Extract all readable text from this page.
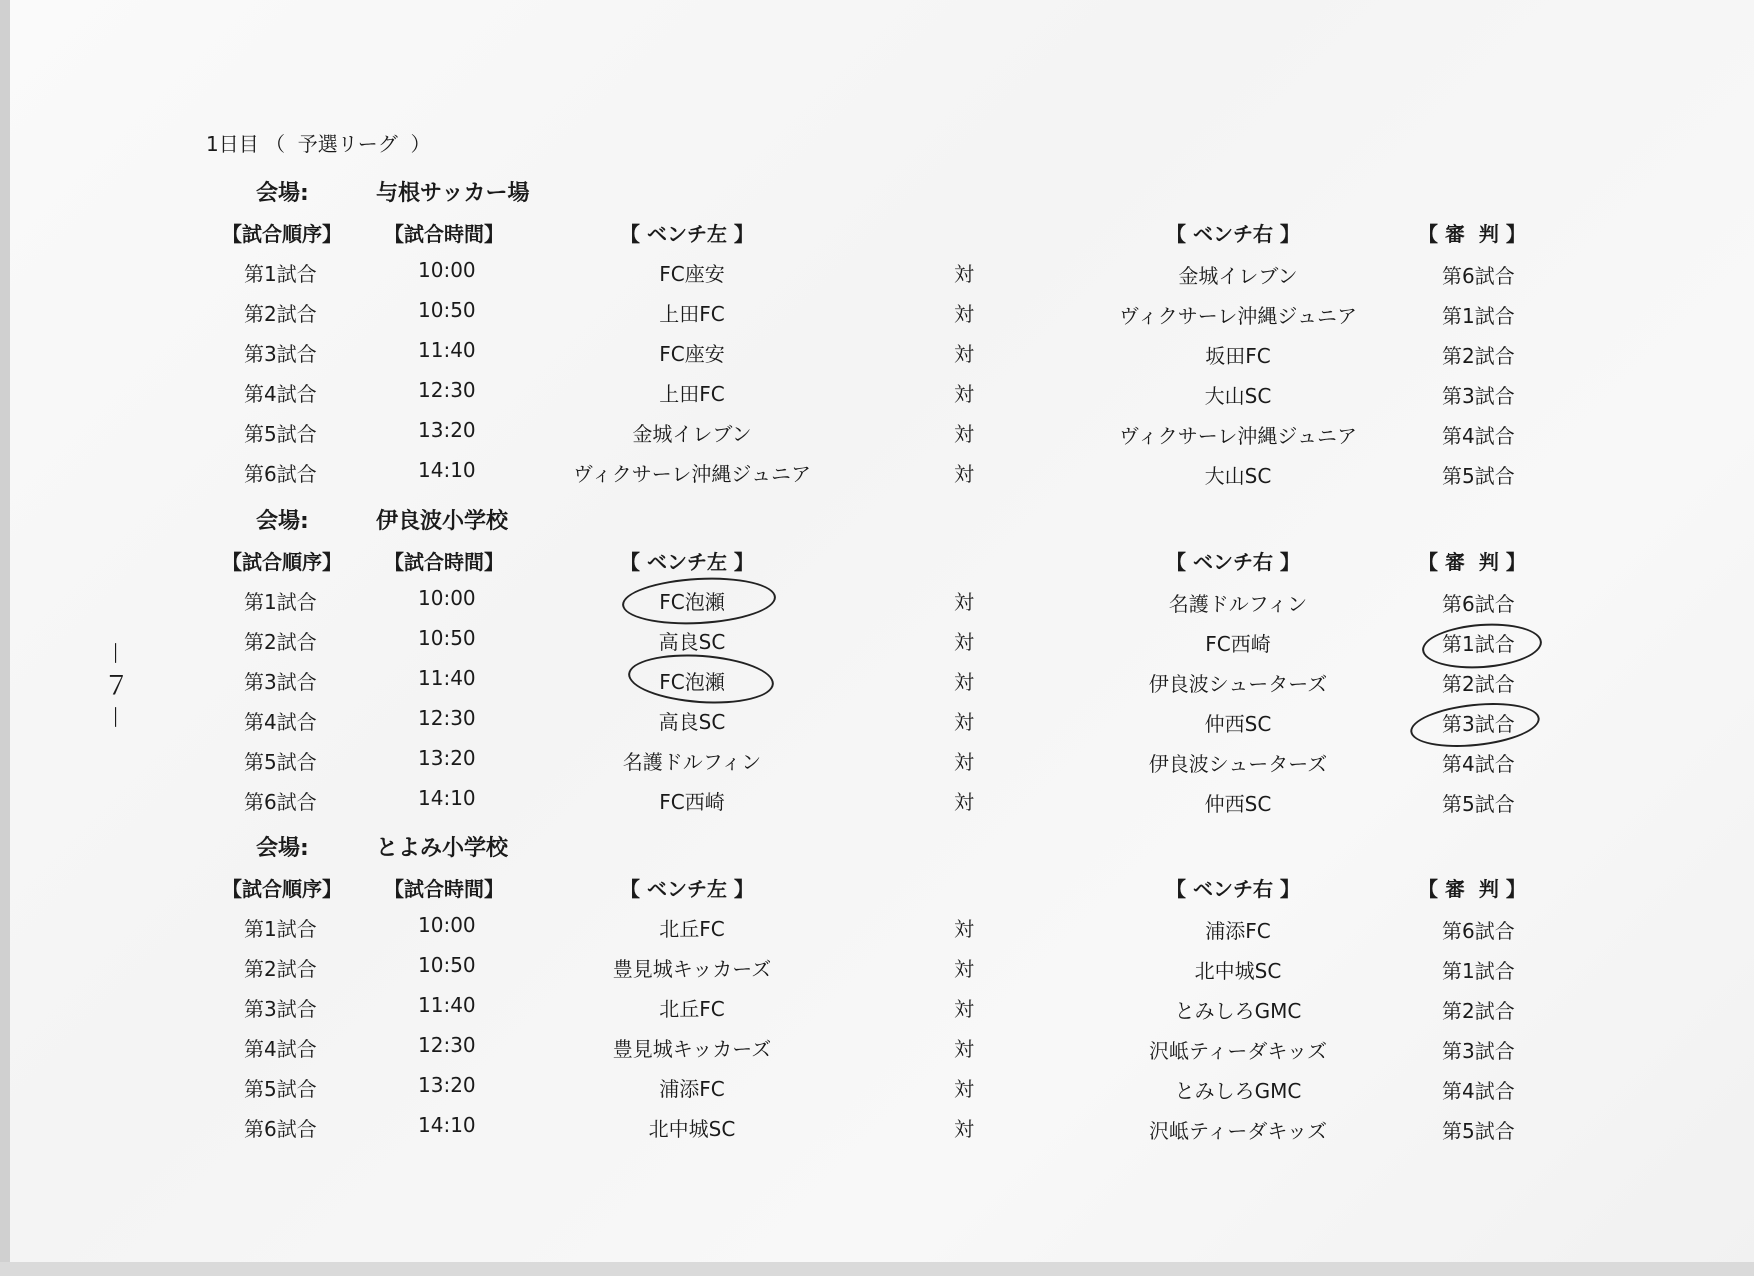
1日目 （  予選リーグ  ）
－７－
会場:	与根サッカー場
【試合順序】 【試合時間】	【 ベンチ左 】	【 ベンチ右 】	【 審  判 】
第1試合	10:00	FC座安	対	金城イレブン	第6試合
第2試合	10:50	上田FC	対	ヴィクサーレ沖縄ジュニア	第1試合
第3試合	11:40	FC座安	対	坂田FC	第2試合
第4試合	12:30	上田FC	対	大山SC	第3試合
第5試合	13:20	金城イレブン	対	ヴィクサーレ沖縄ジュニア	第4試合
第6試合	14:10	ヴィクサーレ沖縄ジュニア	対	大山SC	第5試合
会場:	伊良波小学校
【試合順序】 【試合時間】	【 ベンチ左 】	【 ベンチ右 】	【 審  判 】
第1試合	10:00	FC泡瀬	対	名護ドルフィン	第6試合
第2試合	10:50	高良SC	対	FC西崎	第1試合
第3試合	11:40	FC泡瀬	対	伊良波シューターズ	第2試合
第4試合	12:30	高良SC	対	仲西SC	第3試合
第5試合	13:20	名護ドルフィン	対	伊良波シューターズ	第4試合
第6試合	14:10	FC西崎	対	仲西SC	第5試合
会場:	とよみ小学校
【試合順序】 【試合時間】	【 ベンチ左 】	【 ベンチ右 】	【 審  判 】
第1試合	10:00	北丘FC	対	浦添FC	第6試合
第2試合	10:50	豊見城キッカーズ	対	北中城SC	第1試合
第3試合	11:40	北丘FC	対	とみしろGMC	第2試合
第4試合	12:30	豊見城キッカーズ	対	沢岻ティーダキッズ	第3試合
第5試合	13:20	浦添FC	対	とみしろGMC	第4試合
第6試合	14:10	北中城SC	対	沢岻ティーダキッズ	第5試合
